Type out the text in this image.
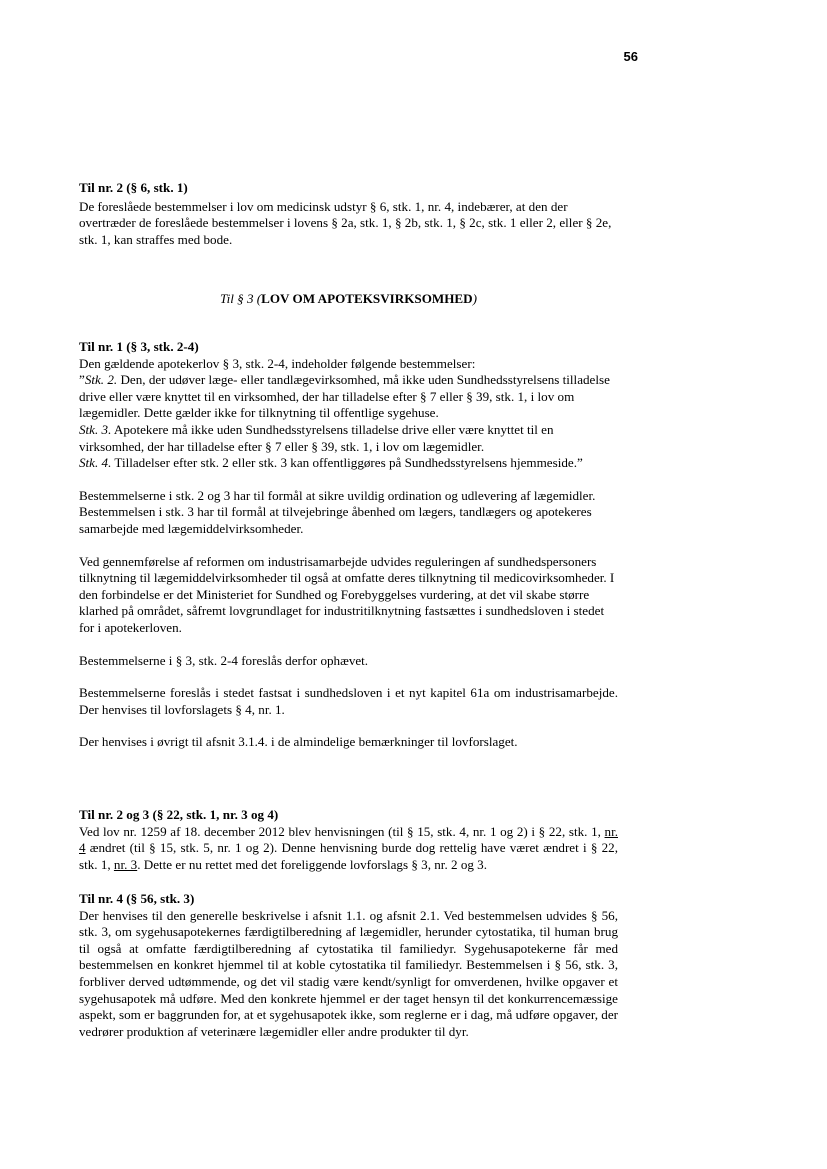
56

Til nr. 2 (§ 6, stk. 1)

De foreslåede bestemmelser i lov om medicinsk udstyr § 6, stk. 1, nr. 4, indebærer, at den der overtræder de foreslåede bestemmelser i lovens § 2a, stk. 1, § 2b, stk. 1, § 2c, stk. 1 eller 2, eller § 2e, stk. 1, kan straffes med bode.

Til § 3 (LOV OM APOTEKSVIRKSOMHED)

Til nr. 1 (§ 3, stk. 2-4)

Den gældende apotekerlov § 3, stk. 2-4, indeholder følgende bestemmelser:

”Stk. 2. Den, der udøver læge- eller tandlægevirksomhed, må ikke uden Sundhedsstyrelsens tilladelse drive eller være knyttet til en virksomhed, der har tilladelse efter § 7 eller § 39, stk. 1, i lov om lægemidler. Dette gælder ikke for tilknytning til offentlige sygehuse.

Stk. 3. Apotekere må ikke uden Sundhedsstyrelsens tilladelse drive eller være knyttet til en virksomhed, der har tilladelse efter § 7 eller § 39, stk. 1, i lov om lægemidler.

Stk. 4. Tilladelser efter stk. 2 eller stk. 3 kan offentliggøres på Sundhedsstyrelsens hjemmeside.”

Bestemmelserne i stk. 2 og 3 har til formål at sikre uvildig ordination og udlevering af lægemidler. Bestemmelsen i stk. 3 har til formål at tilvejebringe åbenhed om lægers, tandlægers og apotekeres samarbejde med lægemiddelvirksomheder.

Ved gennemførelse af reformen om industrisamarbejde udvides reguleringen af sundhedspersoners tilknytning til lægemiddelvirksomheder til også at omfatte deres tilknytning til medicovirksomheder. I den forbindelse er det Ministeriet for Sundhed og Forebyggelses vurdering, at det vil skabe større klarhed på området, såfremt lovgrundlaget for industritilknytning fastsættes i sundhedsloven i stedet for i apotekerloven.

Bestemmelserne i § 3, stk. 2-4 foreslås derfor ophævet.

Bestemmelserne foreslås i stedet fastsat i sundhedsloven i et nyt kapitel 61a om industrisamarbejde. Der henvises til lovforslagets § 4, nr. 1.

Der henvises i øvrigt til afsnit 3.1.4. i de almindelige bemærkninger til lovforslaget.

Til nr. 2 og 3 (§ 22, stk. 1, nr. 3 og 4)

Ved lov nr. 1259 af 18. december 2012 blev henvisningen (til § 15, stk. 4, nr. 1 og 2) i § 22, stk. 1, nr. 4 ændret (til § 15, stk. 5, nr. 1 og 2). Denne henvisning burde dog rettelig have været ændret i § 22, stk. 1, nr. 3. Dette er nu rettet med det foreliggende lovforslags § 3, nr. 2 og 3.

Til nr. 4 (§ 56, stk. 3)

Der henvises til den generelle beskrivelse i afsnit 1.1. og afsnit 2.1. Ved bestemmelsen udvides § 56, stk. 3, om sygehusapotekernes færdigtilberedning af lægemidler, herunder cytostatika, til human brug til også at omfatte færdigtilberedning af cytostatika til familiedyr. Sygehusapotekerne får med bestemmelsen en konkret hjemmel til at koble cytostatika til familiedyr. Bestemmelsen i § 56, stk. 3, forbliver derved udtømmende, og det vil stadig være kendt/synligt for omverdenen, hvilke opgaver et sygehusapotek må udføre. Med den konkrete hjemmel er der taget hensyn til det konkurrencemæssige aspekt, som er baggrunden for, at et sygehusapotek ikke, som reglerne er i dag, må udføre opgaver, der vedrører produktion af veterinære lægemidler eller andre produkter til dyr.
